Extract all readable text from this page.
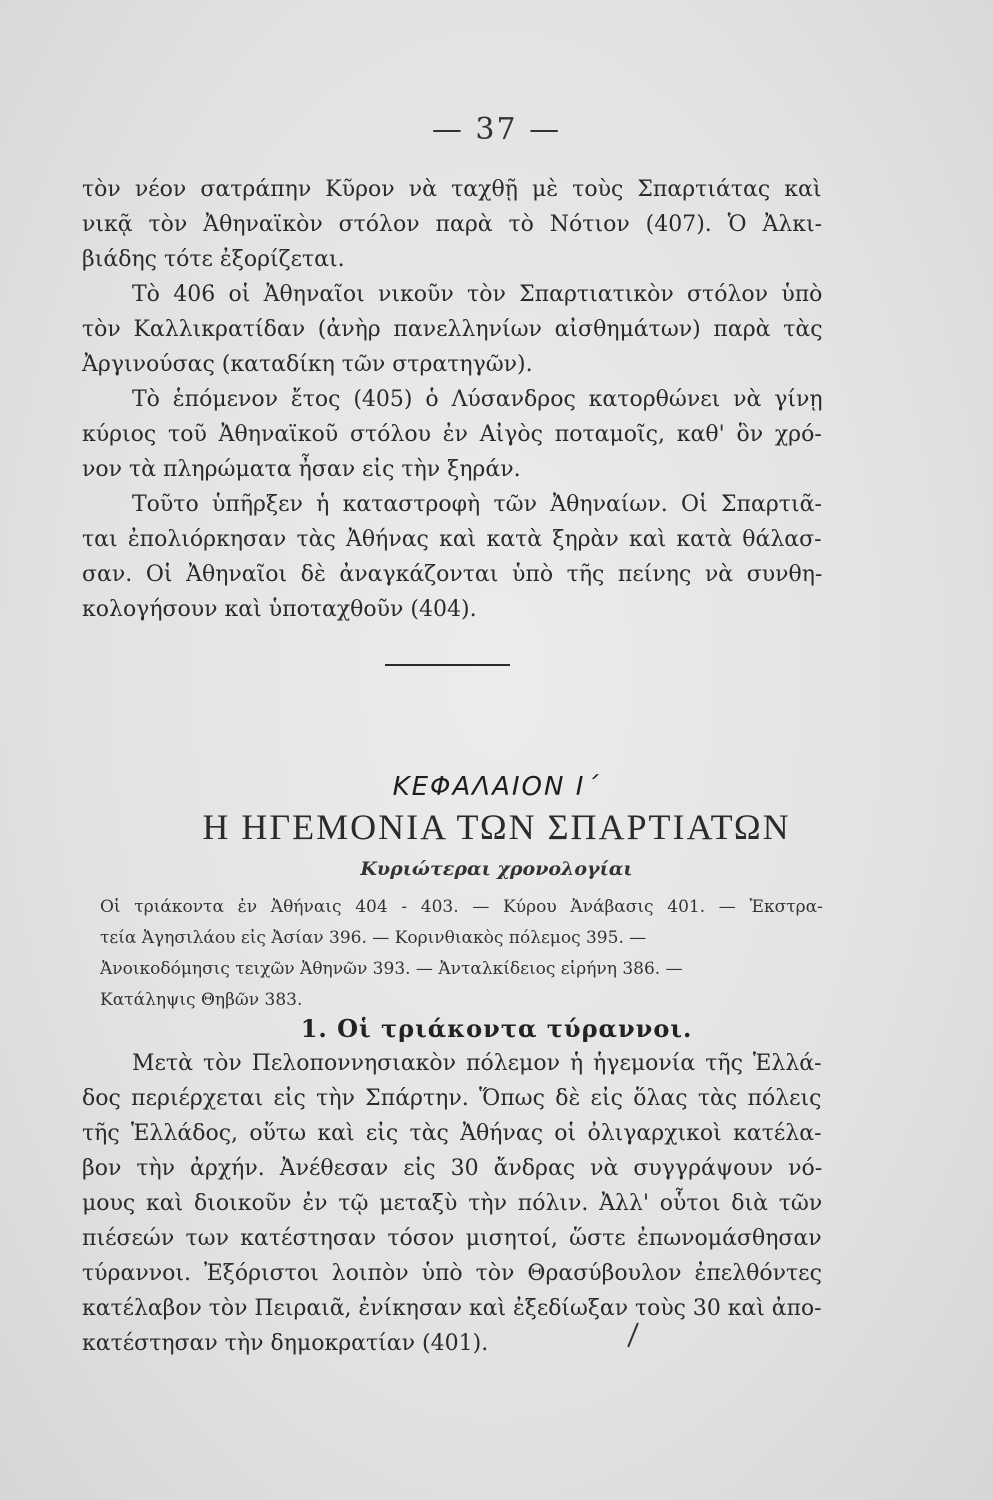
— 37 —
τὸν νέον σατράπην Κῦρον νὰ ταχθῇ μὲ τοὺς Σπαρτιάτας καὶ
νικᾷ τὸν Ἀθηναϊκὸν στόλον παρὰ τὸ Νότιον (407). Ὁ Ἀλκι-
βιάδης τότε ἐξορίζεται.
Τὸ 406 οἱ Ἀθηναῖοι νικοῦν τὸν Σπαρτιατικὸν στόλον ὑπὸ
τὸν Καλλικρατίδαν (ἀνὴρ πανελληνίων αἰσθημάτων) παρὰ τὰς
Ἀργινούσας (καταδίκη τῶν στρατηγῶν).
Τὸ ἑπόμενον ἔτος (405) ὁ Λύσανδρος κατορθώνει νὰ γίνῃ
κύριος τοῦ Ἀθηναϊκοῦ στόλου ἐν Αἰγὸς ποταμοῖς, καθ' ὃν χρό-
νον τὰ πληρώματα ἦσαν εἰς τὴν ξηράν.
Τοῦτο ὑπῆρξεν ἡ καταστροφὴ τῶν Ἀθηναίων. Οἱ Σπαρτιᾶ-
ται ἐπολιόρκησαν τὰς Ἀθήνας καὶ κατὰ ξηρὰν καὶ κατὰ θάλασ-
σαν. Οἱ Ἀθηναῖοι δὲ ἀναγκάζονται ὑπὸ τῆς πείνης νὰ συνθη-
κολογήσουν καὶ ὑποταχθοῦν (404).
ΚΕΦΑΛΑΙΟΝ Ι΄
Η ΗΓΕΜΟΝΙΑ ΤΩΝ ΣΠΑΡΤΙΑΤΩΝ
Κυριώτεραι χρονολογίαι
Οἱ τριάκοντα ἐν Ἀθήναις 404 - 403. — Κύρου Ἀνάβασις 401. — Ἐκστρα-
τεία Ἀγησιλάου εἰς Ἀσίαν 396. — Κορινθιακὸς πόλεμος 395. —
Ἀνοικοδόμησις τειχῶν Ἀθηνῶν 393. — Ἀνταλκίδειος εἰρήνη 386. —
Κατάληψις Θηβῶν 383.
1. Οἱ τριάκοντα τύραννοι.
Μετὰ τὸν Πελοποννησιακὸν πόλεμον ἡ ἡγεμονία τῆς Ἑλλά-
δος περιέρχεται εἰς τὴν Σπάρτην. Ὅπως δὲ εἰς ὅλας τὰς πόλεις
τῆς Ἑλλάδος, οὕτω καὶ εἰς τὰς Ἀθήνας οἱ ὀλιγαρχικοὶ κατέλα-
βον τὴν ἀρχήν. Ἀνέθεσαν εἰς 30 ἄνδρας νὰ συγγράψουν νό-
μους καὶ διοικοῦν ἐν τῷ μεταξὺ τὴν πόλιν. Ἀλλ' οὗτοι διὰ τῶν
πιέσεών των κατέστησαν τόσον μισητοί, ὥστε ἐπωνομάσθησαν
τύραννοι. Ἐξόριστοι λοιπὸν ὑπὸ τὸν Θρασύβουλον ἐπελθόντες
κατέλαβον τὸν Πειραιᾶ, ἐνίκησαν καὶ ἐξεδίωξαν τοὺς 30 καὶ ἀπο-
κατέστησαν τὴν δημοκρατίαν (401).
